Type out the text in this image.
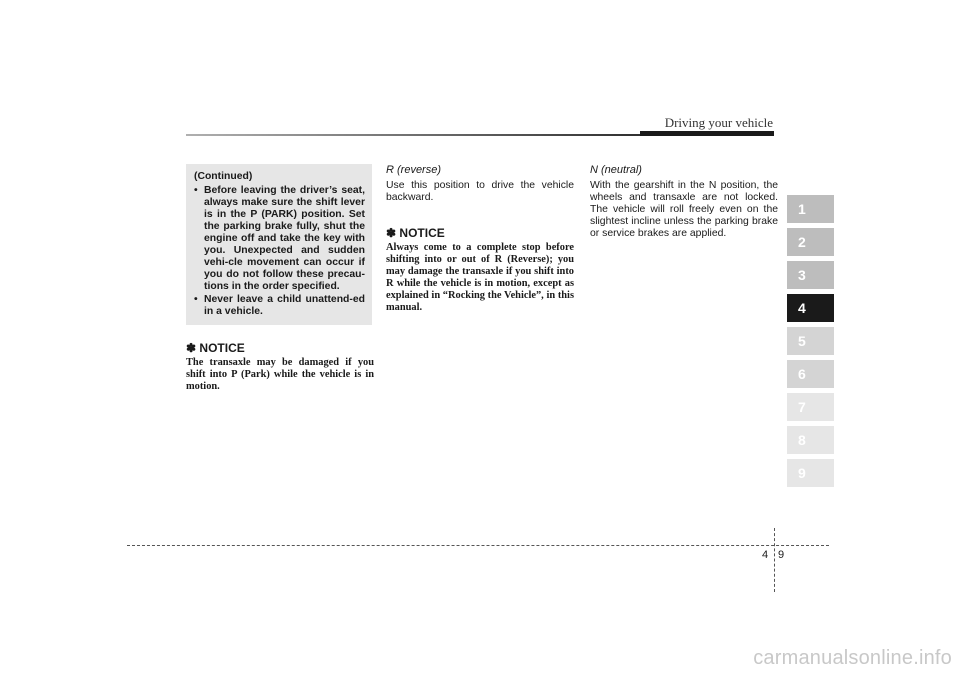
Driving your vehicle
1
2
3
4
5
6
7
8
9
(Continued)
• Before leaving the driver’s seat, always make sure the shift lever is in the P (PARK) position. Set the parking brake fully, shut the engine off and take the key with you. Unexpected and sudden vehi-cle movement can occur if you do not follow these precau-tions in the order specified.
• Never leave a child unattend-ed in a vehicle.
✽ NOTICE
The transaxle may be damaged if you shift into P (Park) while the vehicle is in motion.
R (reverse)
Use this position to drive the vehicle backward.
✽ NOTICE
Always come to a complete stop before shifting into or out of R (Reverse); you may damage the transaxle if you shift into R while the vehicle is in motion, except as explained in “Rocking the Vehicle”, in this manual.
N (neutral)
With the gearshift in the N position, the wheels and transaxle are not locked. The vehicle will roll freely even on the slightest incline unless the parking brake or service brakes are applied.
4 9
carmanualsonline.info
